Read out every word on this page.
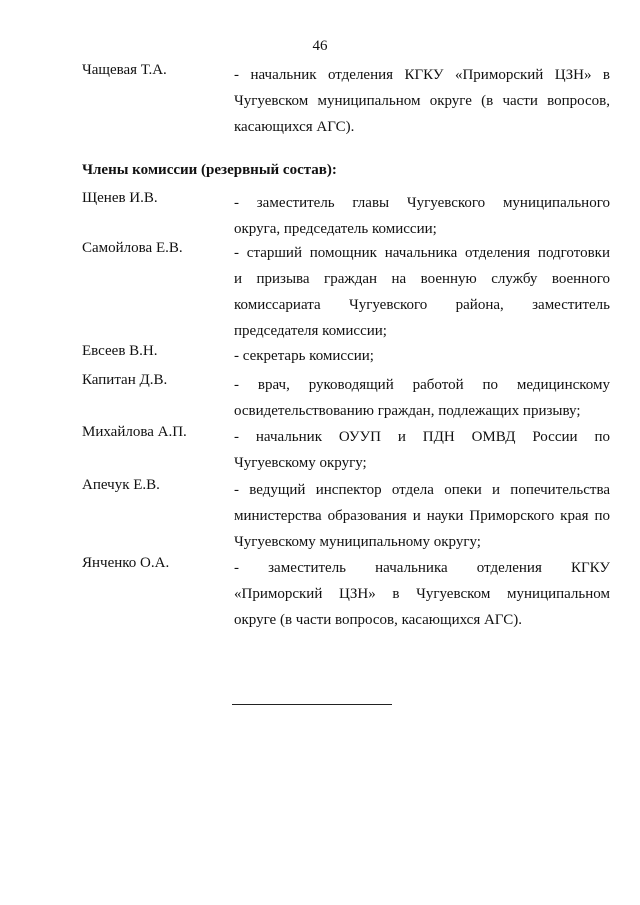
46
Чащевая Т.А.	- начальник отделения КГКУ «Приморский ЦЗН» в
Чугуевском муниципальном округе (в части вопросов,
касающихся АГС).
Члены комиссии (резервный состав):
Щенев И.В.	- заместитель главы Чугуевского муниципального
округа, председатель комиссии;
Самойлова Е.В.	- старший помощник начальника отделения подготовки
и призыва граждан на военную службу военного
комиссариата Чугуевского района, заместитель
председателя комиссии;
Евсеев В.Н.	- секретарь комиссии;
Капитан Д.В.	- врач, руководящий работой по медицинскому
освидетельствованию граждан, подлежащих призыву;
Михайлова А.П.	- начальник ОУУП и ПДН ОМВД России по
Чугуевскому округу;
Апечук Е.В.	- ведущий инспектор отдела опеки и попечительства
министерства образования и науки Приморского края по
Чугуевскому муниципальному округу;
Янченко О.А.	- заместитель начальника отделения КГКУ
«Приморский ЦЗН» в Чугуевском муниципальном
округе (в части вопросов, касающихся АГС).
